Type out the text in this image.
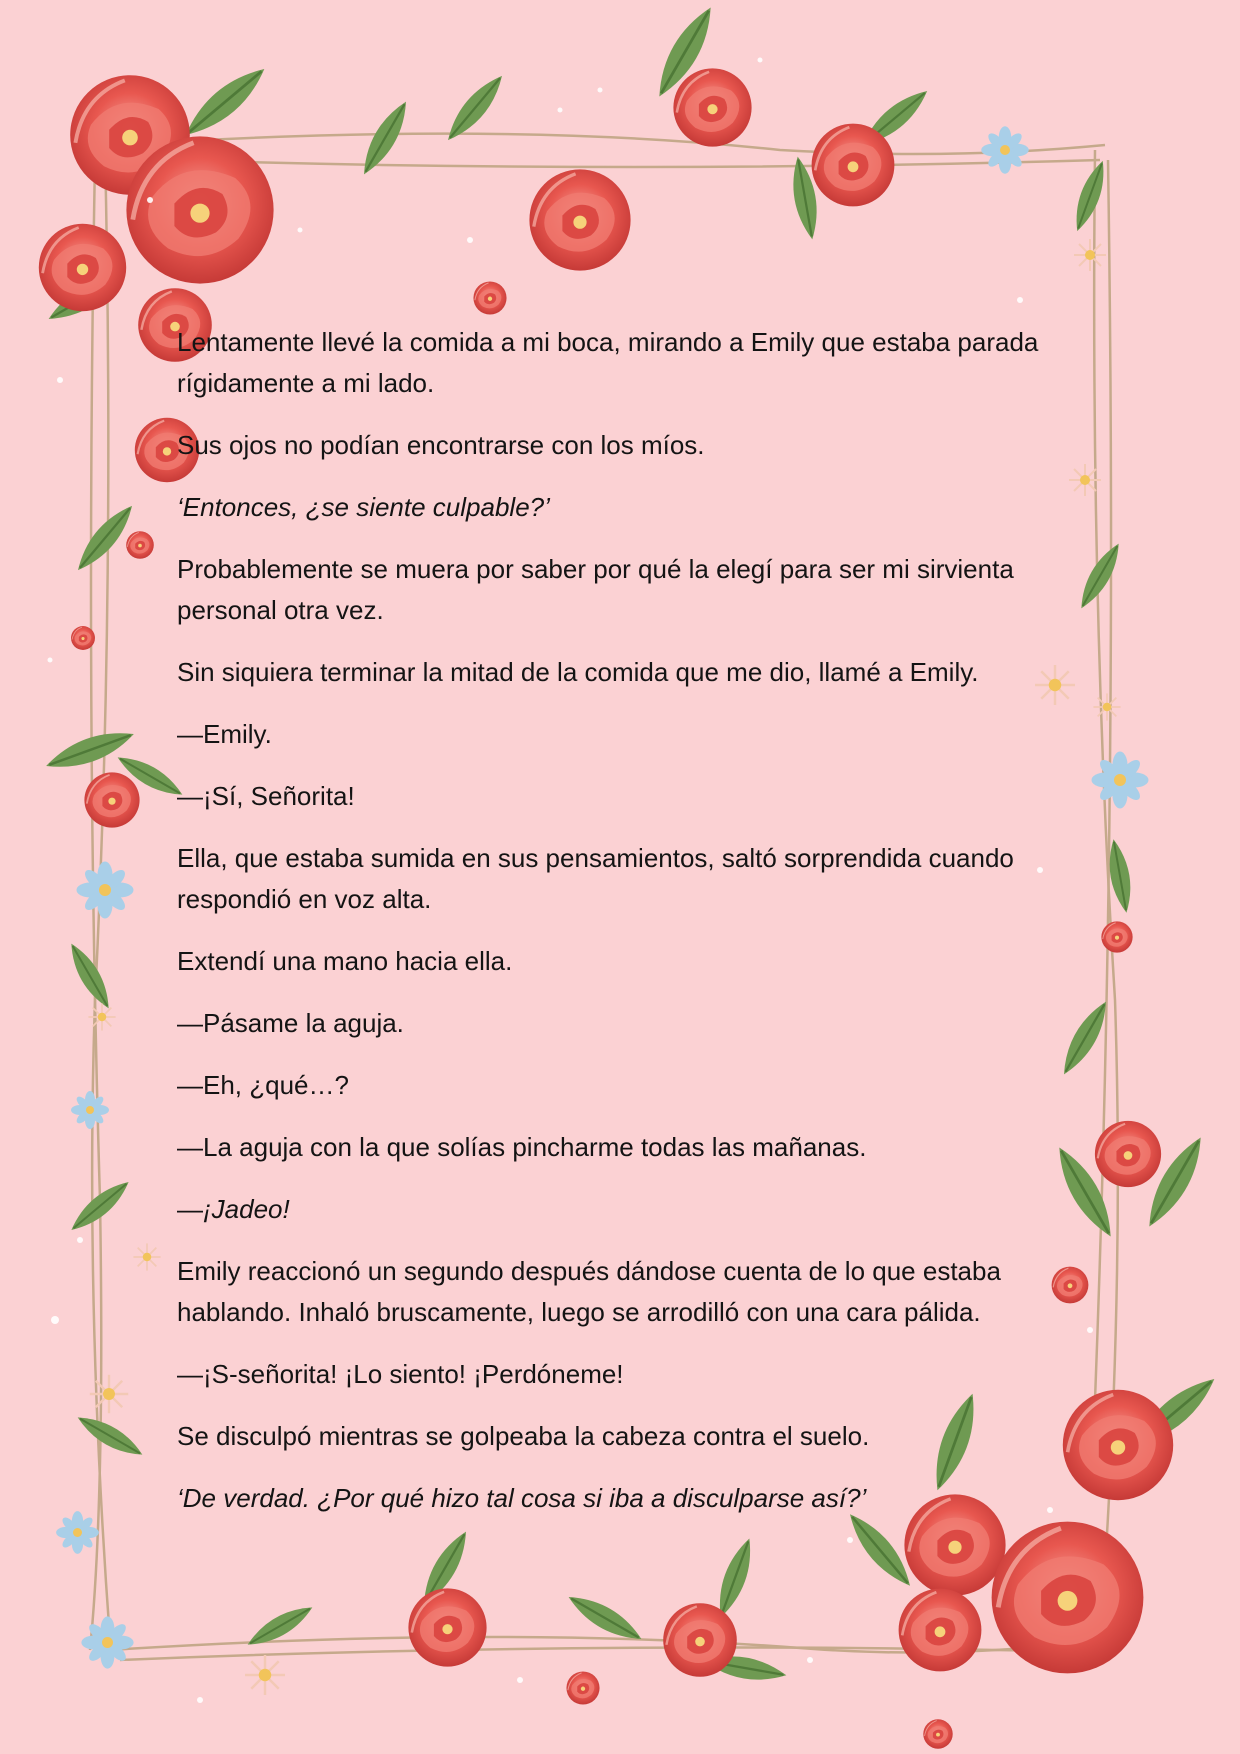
Lentamente llevé la comida a mi boca, mirando a Emily que estaba parada rígidamente a mi lado.

Sus ojos no podían encontrarse con los míos.

‘Entonces, ¿se siente culpable?’

Probablemente se muera por saber por qué la elegí para ser mi sirvienta personal otra vez.

Sin siquiera terminar la mitad de la comida que me dio, llamé a Emily.

—Emily.

—¡Sí, Señorita!

Ella, que estaba sumida en sus pensamientos, saltó sorprendida cuando respondió en voz alta.

Extendí una mano hacia ella.

—Pásame la aguja.

—Eh, ¿qué…?

—La aguja con la que solías pincharme todas las mañanas.

—¡Jadeo!

Emily reaccionó un segundo después dándose cuenta de lo que estaba hablando. Inhaló bruscamente, luego se arrodilló con una cara pálida.

—¡S-señorita! ¡Lo siento! ¡Perdóneme!

Se disculpó mientras se golpeaba la cabeza contra el suelo.

‘De verdad. ¿Por qué hizo tal cosa si iba a disculparse así?’
